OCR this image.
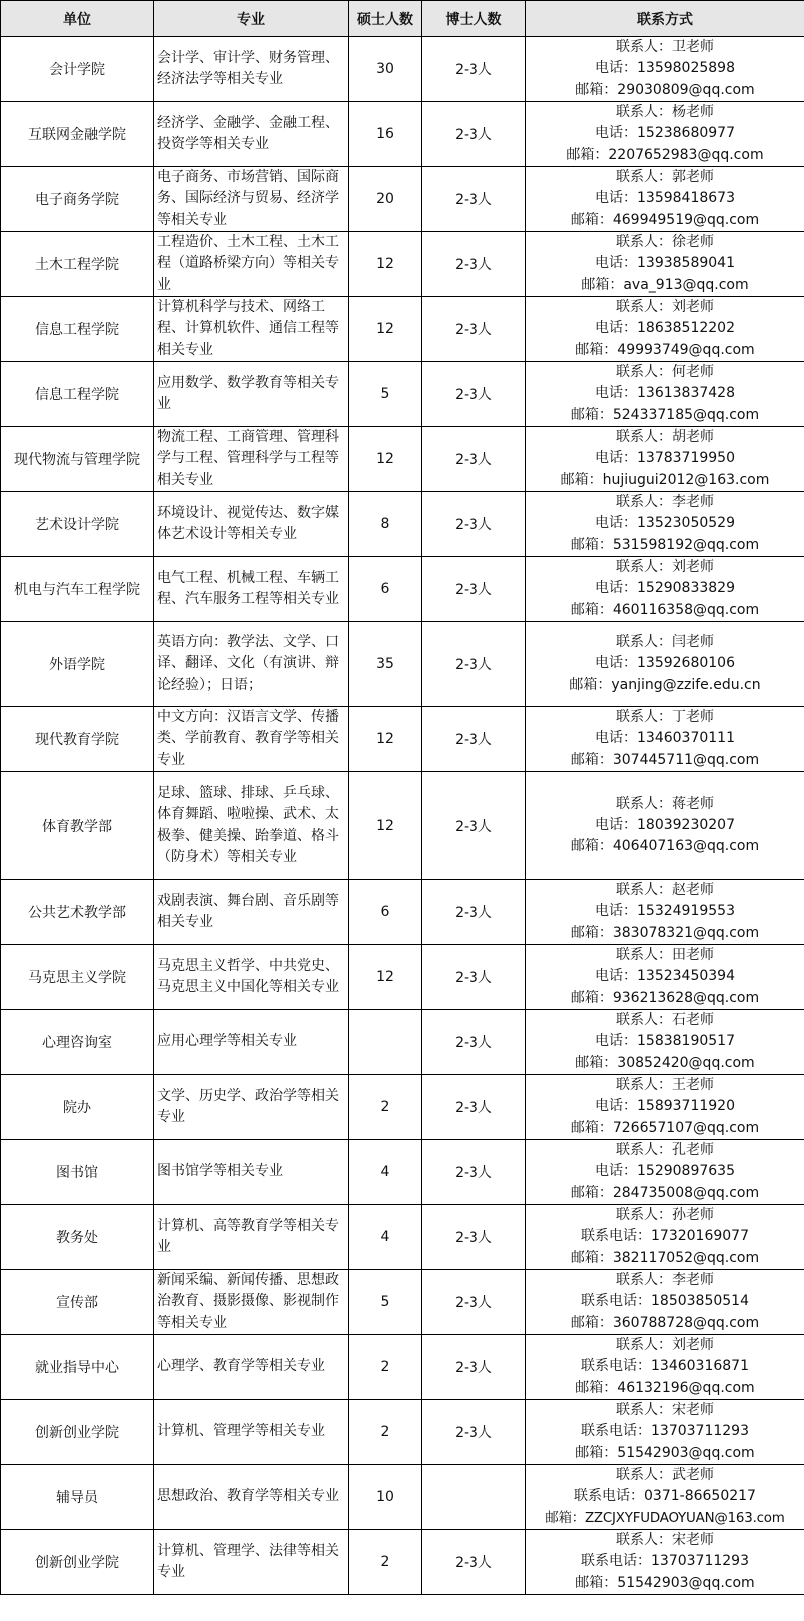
单位	专业	硕士人数	博士人数	联系方式
会计学院	会计学、审计学、财务管理、经济法学等相关专业	30	2-3人	联系人：卫老师
电话：13598025898
邮箱：29030809@qq.com

互联网金融学院	经济学、金融学、金融工程、投资学等相关专业	16	2-3人	联系人：杨老师
电话：15238680977
邮箱：2207652983@qq.com

电子商务学院	电子商务、市场营销、国际商务、国际经济与贸易、经济学等相关专业	20	2-3人	联系人：郭老师
电话：13598418673
邮箱：469949519@qq.com

土木工程学院	工程造价、土木工程、土木工程（道路桥梁方向）等相关专业	12	2-3人	联系人：徐老师
电话：13938589041
邮箱：ava_913@qq.com

信息工程学院	计算机科学与技术、网络工程、计算机软件、通信工程等相关专业	12	2-3人	联系人：刘老师
电话：18638512202
邮箱：49993749@qq.com

信息工程学院	应用数学、数学教育等相关专业	5	2-3人	联系人：何老师
电话：13613837428
邮箱：524337185@qq.com

现代物流与管理学院	物流工程、工商管理、管理科学与工程、管理科学与工程等相关专业	12	2-3人	联系人：胡老师
电话：13783719950
邮箱：hujiugui2012@163.com

艺术设计学院	环境设计、视觉传达、数字媒体艺术设计等相关专业	8	2-3人	联系人：李老师
电话：13523050529
邮箱：531598192@qq.com

机电与汽车工程学院	电气工程、机械工程、车辆工程、汽车服务工程等相关专业	6	2-3人	联系人：刘老师
电话：15290833829
邮箱：460116358@qq.com

外语学院	英语方向：教学法、文学、口译、翻译、文化（有演讲、辩论经验）；日语；	35	2-3人	联系人：闫老师
电话：13592680106
邮箱：yanjing@zzife.edu.cn

现代教育学院	中文方向：汉语言文学、传播类、学前教育、教育学等相关专业	12	2-3人	联系人：丁老师
电话：13460370111
邮箱：307445711@qq.com

体育教学部	足球、篮球、排球、乒乓球、体育舞蹈、啦啦操、武术、太极拳、健美操、跆拳道、格斗（防身术）等相关专业	12	2-3人	联系人：蒋老师
电话：18039230207
邮箱：406407163@qq.com

公共艺术教学部	戏剧表演、舞台剧、音乐剧等相关专业	6	2-3人	联系人：赵老师
电话：15324919553
邮箱：383078321@qq.com

马克思主义学院	马克思主义哲学、中共党史、马克思主义中国化等相关专业	12	2-3人	联系人：田老师
电话：13523450394
邮箱：936213628@qq.com

心理咨询室	应用心理学等相关专业		2-3人	联系人：石老师
电话：15838190517
邮箱：30852420@qq.com

院办	文学、历史学、政治学等相关专业	2	2-3人	联系人：王老师
电话：15893711920
邮箱：726657107@qq.com

图书馆	图书馆学等相关专业	4	2-3人	联系人：孔老师
电话：15290897635
邮箱：284735008@qq.com

教务处	计算机、高等教育学等相关专业	4	2-3人	联系人：孙老师
联系电话：17320169077
邮箱：382117052@qq.com

宣传部	新闻采编、新闻传播、思想政治教育、摄影摄像、影视制作等相关专业	5	2-3人	联系人：李老师
联系电话：18503850514
邮箱：360788728@qq.com

就业指导中心	心理学、教育学等相关专业	2	2-3人	联系人：刘老师
联系电话：13460316871
邮箱：46132196@qq.com

创新创业学院	计算机、管理学等相关专业	2	2-3人	联系人：宋老师
联系电话：13703711293
邮箱：51542903@qq.com

辅导员	思想政治、教育学等相关专业	10		联系人：武老师
联系电话：0371-86650217
邮箱：ZZCJXYFUDAOYUAN@163.com

创新创业学院	计算机、管理学、法律等相关专业	2	2-3人	联系人：宋老师
联系电话：13703711293
邮箱：51542903@qq.com
